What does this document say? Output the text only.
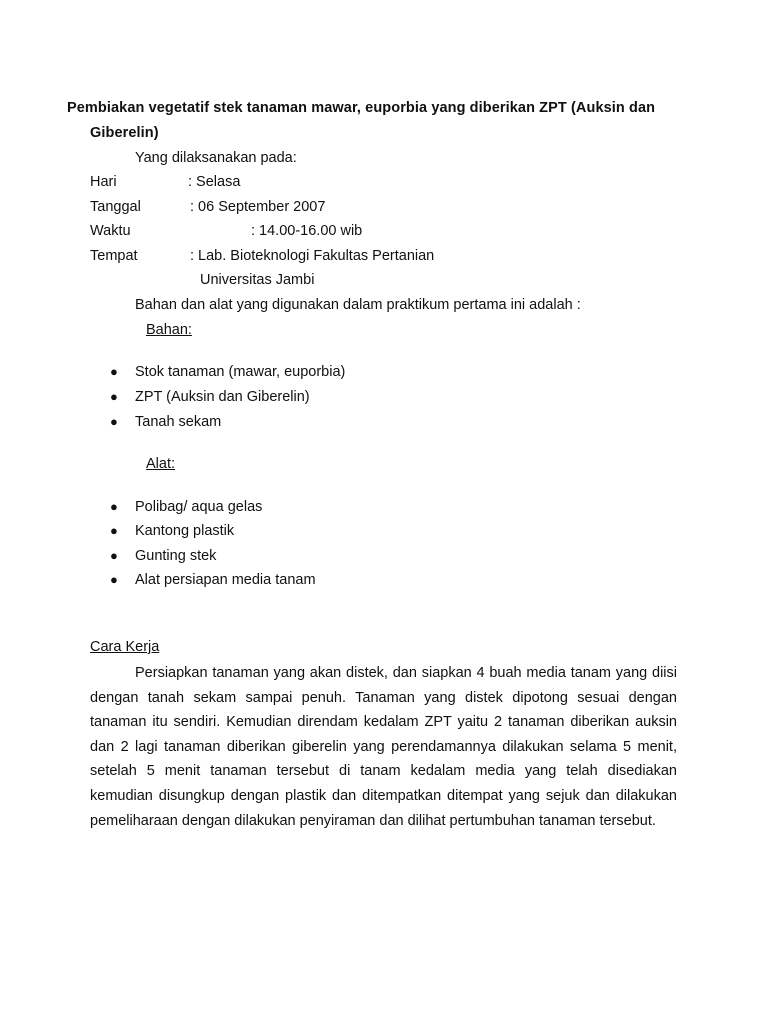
Pembiakan vegetatif stek tanaman mawar, euporbia yang diberikan ZPT (Auksin dan
Giberelin)
Yang dilaksanakan pada:
Hari	: Selasa
Tanggal	: 06 September 2007
Waktu	: 14.00-16.00 wib
Tempat	: Lab. Bioteknologi Fakultas Pertanian
Universitas Jambi
Bahan dan alat yang digunakan dalam praktikum pertama ini adalah :
Bahan:
● Stok tanaman (mawar, euporbia)
● ZPT (Auksin dan Giberelin)
● Tanah sekam
Alat:
● Polibag/ aqua gelas
● Kantong plastik
● Gunting stek
● Alat persiapan media tanam
Cara Kerja
Persiapkan tanaman yang akan distek, dan siapkan 4 buah media tanam yang diisi dengan tanah sekam sampai penuh. Tanaman yang distek dipotong sesuai dengan tanaman itu sendiri. Kemudian direndam kedalam ZPT yaitu 2 tanaman diberikan auksin dan 2 lagi tanaman diberikan giberelin yang perendamannya dilakukan selama 5 menit, setelah 5 menit tanaman tersebut di tanam kedalam media yang telah disediakan kemudian disungkup dengan plastik dan ditempatkan ditempat yang sejuk dan dilakukan pemeliharaan dengan dilakukan penyiraman dan dilihat pertumbuhan tanaman tersebut.
